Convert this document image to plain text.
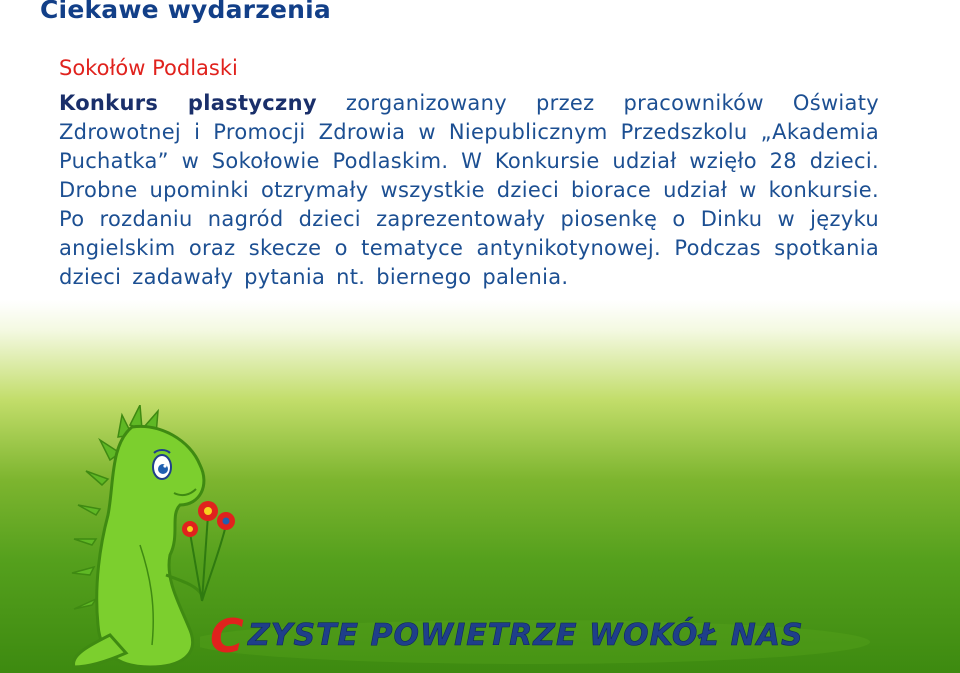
Ciekawe wydarzenia
Sokołów Podlaski

Konkurs plastyczny zorganizowany przez pracowników Oświaty Zdrowotnej i Promocji Zdrowia w Niepublicznym Przedszkolu „Akademia Puchatka” w Sokołowie Podlaskim. W Konkursie udział wzięło 28 dzieci. Drobne upominki otzrymały wszystkie dzieci biorace udział w konkursie. Po rozdaniu nagród dzieci zaprezentowały piosenkę o Dinku w języku angielskim oraz skecze o tematyce antynikotynowej. Podczas spotkania dzieci zadawały pytania nt. biernego palenia.

C ZYSTE POWIETRZE WOKÓŁ NAS
